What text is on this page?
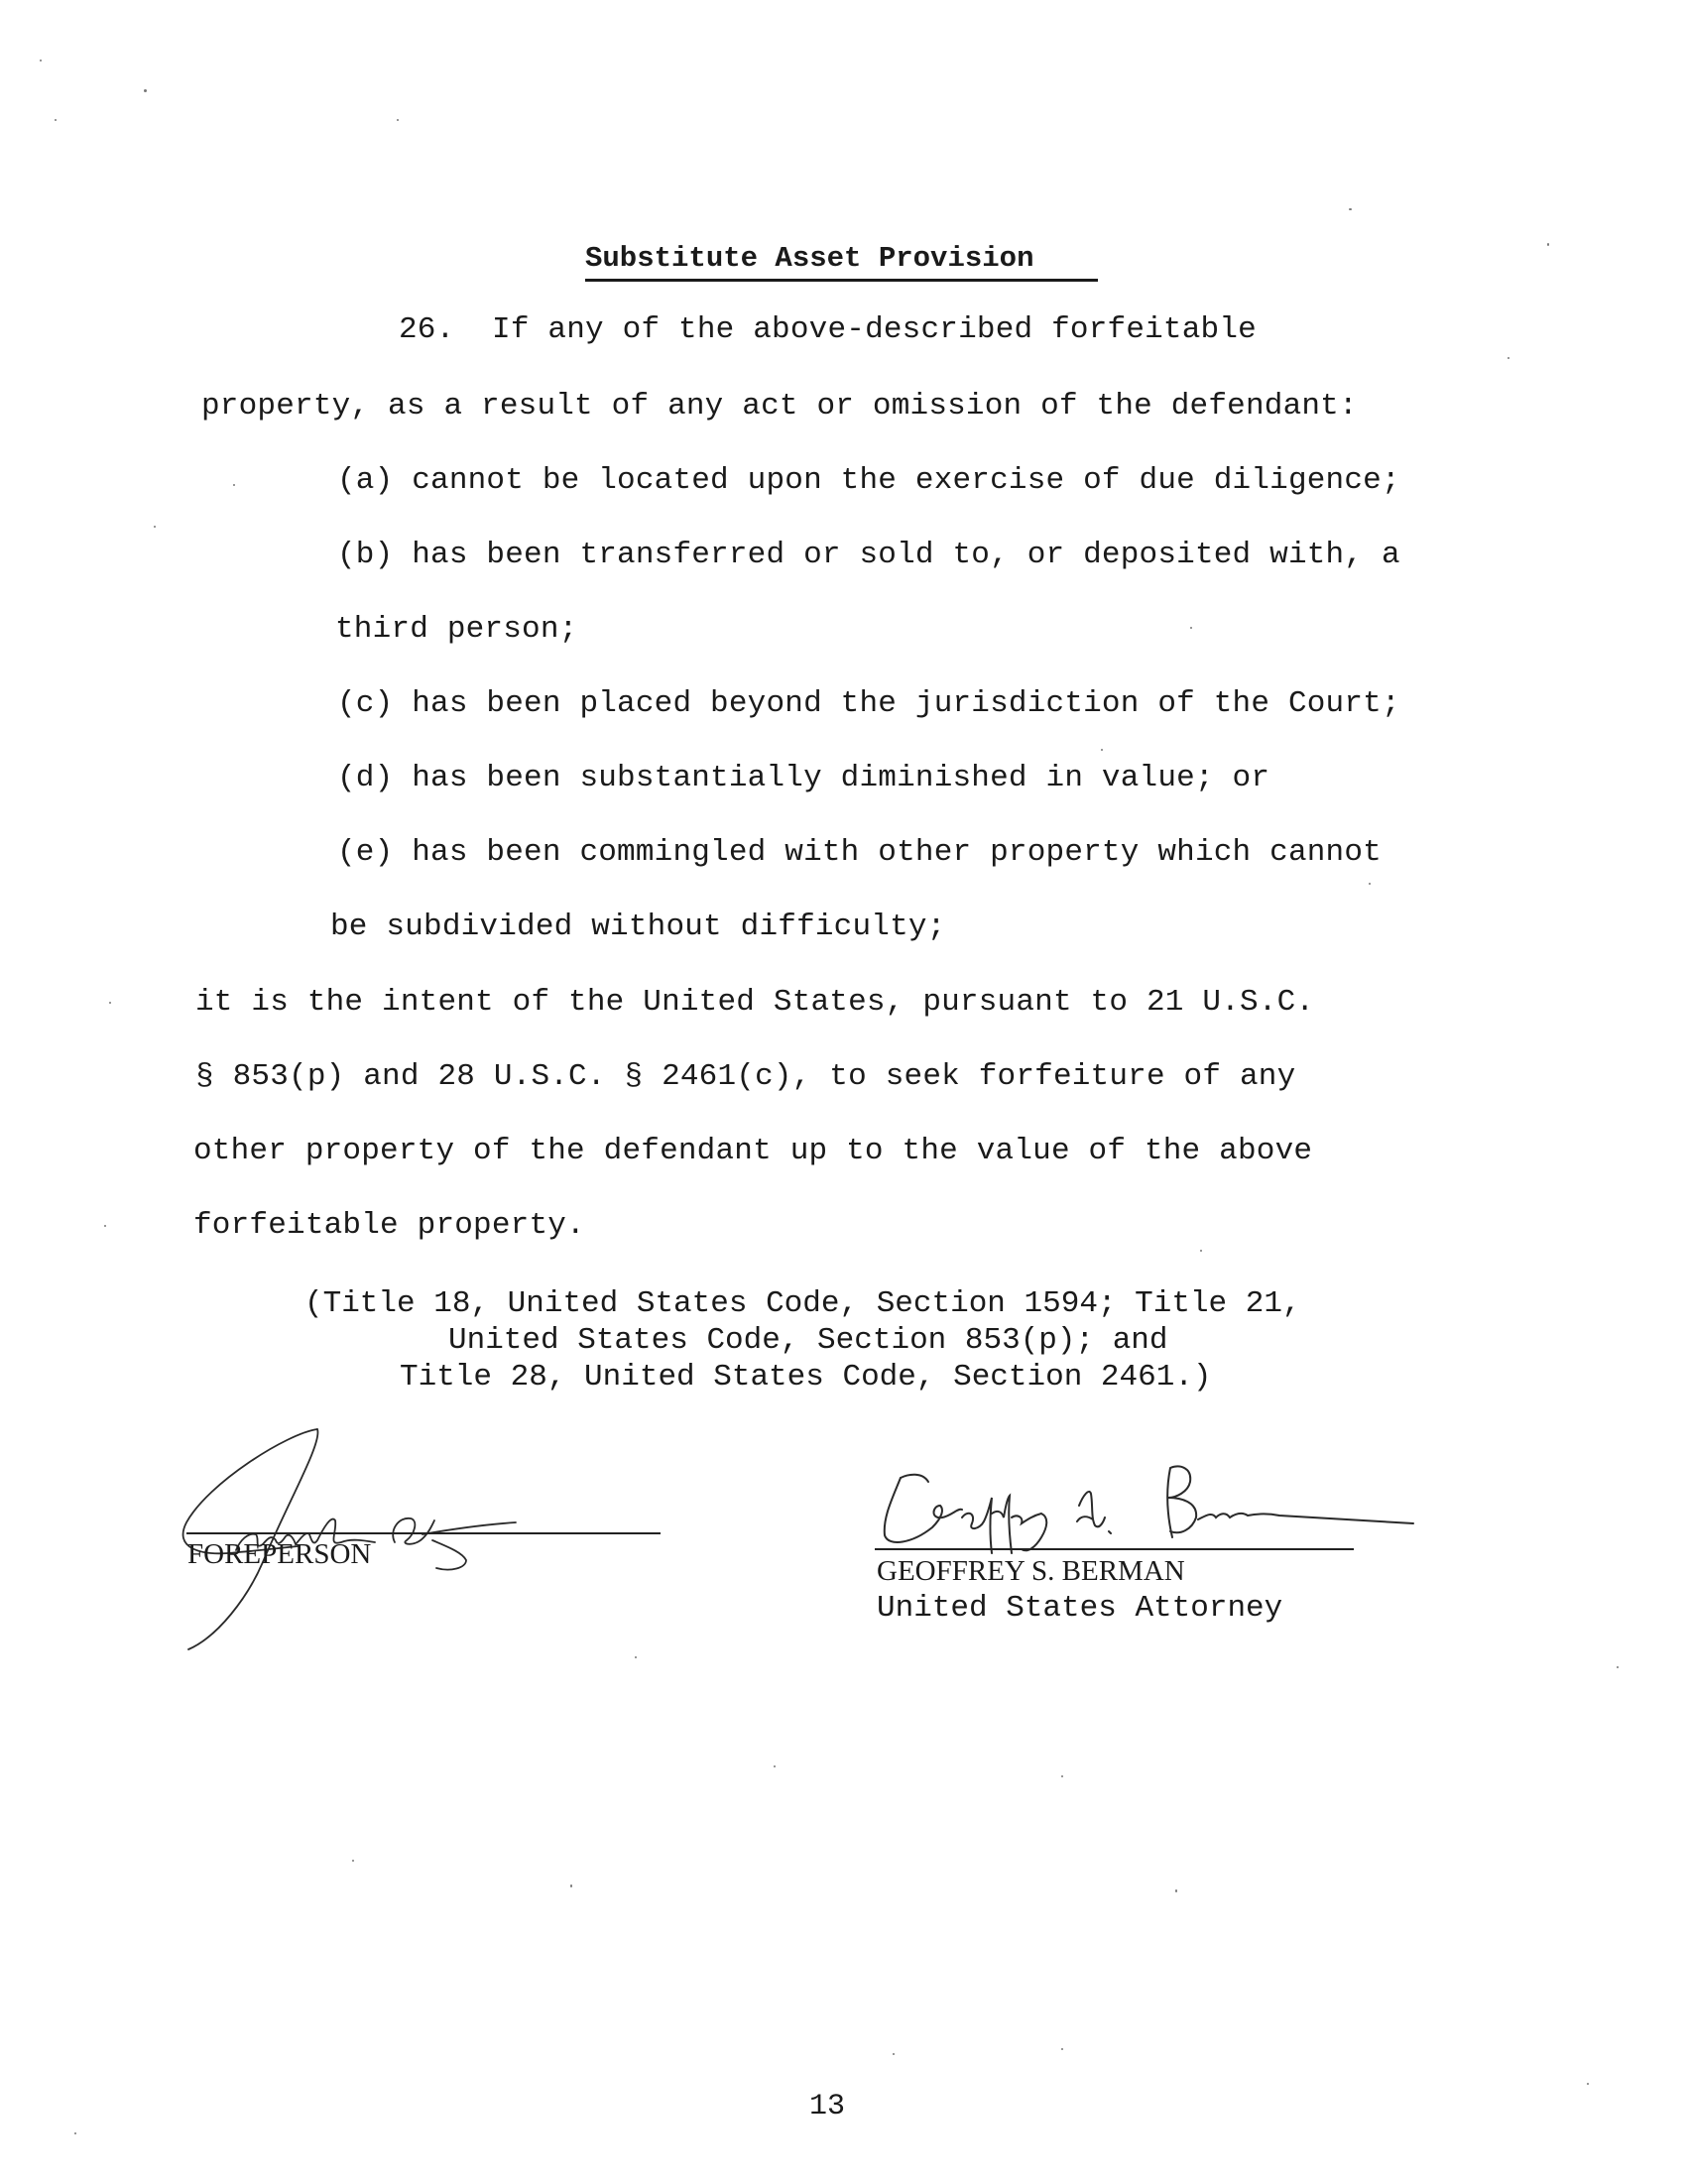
Substitute Asset Provision
26.  If any of the above-described forfeitable
property, as a result of any act or omission of the defendant:
(a) cannot be located upon the exercise of due diligence;
(b) has been transferred or sold to, or deposited with, a
third person;
(c) has been placed beyond the jurisdiction of the Court;
(d) has been substantially diminished in value; or
(e) has been commingled with other property which cannot
be subdivided without difficulty;
it is the intent of the United States, pursuant to 21 U.S.C.
§ 853(p) and 28 U.S.C. § 2461(c), to seek forfeiture of any
other property of the defendant up to the value of the above
forfeitable property.
(Title 18, United States Code, Section 1594; Title 21,
United States Code, Section 853(p); and
Title 28, United States Code, Section 2461.)
FOREPERSON
GEOFFREY S. BERMAN
United States Attorney
13
